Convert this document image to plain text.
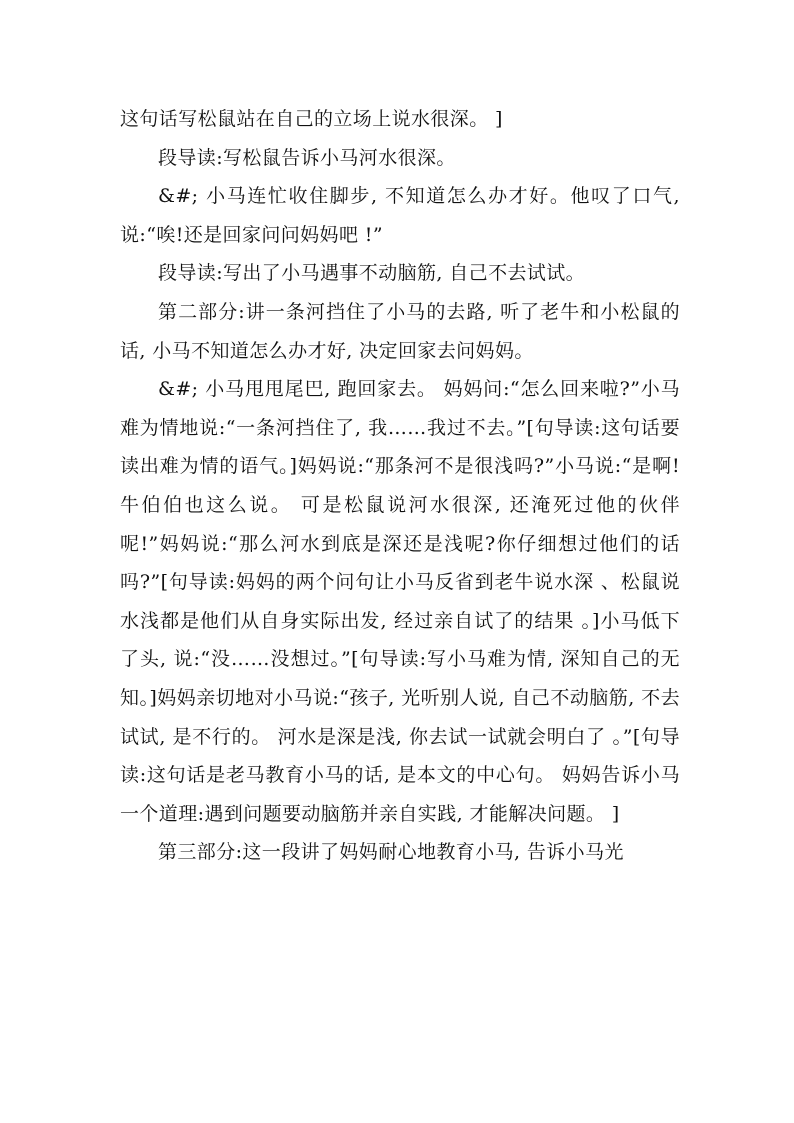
这句话写松鼠站在自己的立场上说水很深。 ]

段导读:写松鼠告诉小马河水很深。

&#; 小马连忙收住脚步, 不知道怎么办才好。他叹了口气, 说:“唉!还是回家问问妈妈吧 !”

段导读:写出了小马遇事不动脑筋, 自己不去试试。

第二部分:讲一条河挡住了小马的去路, 听了老牛和小松鼠的话, 小马不知道怎么办才好, 决定回家去问妈妈。

&#; 小马甩甩尾巴, 跑回家去。 妈妈问:“怎么回来啦?”小马难为情地说:“一条河挡住了, 我……我过不去。”[句导读:这句话要读出难为情的语气。]妈妈说:“那条河不是很浅吗?”小马说:“是啊! 牛伯伯也这么说。 可是松鼠说河水很深, 还淹死过他的伙伴呢!”妈妈说:“那么河水到底是深还是浅呢?你仔细想过他们的话吗?”[句导读:妈妈的两个问句让小马反省到老牛说水深 、松鼠说水浅都是他们从自身实际出发, 经过亲自试了的结果 。]小马低下了头, 说:“没……没想过。”[句导读:写小马难为情, 深知自己的无知。]妈妈亲切地对小马说:“孩子, 光听别人说, 自己不动脑筋, 不去试试, 是不行的。 河水是深是浅, 你去试一试就会明白了 。”[句导读:这句话是老马教育小马的话, 是本文的中心句。 妈妈告诉小马一个道理:遇到问题要动脑筋并亲自实践, 才能解决问题。 ]

第三部分:这一段讲了妈妈耐心地教育小马, 告诉小马光
